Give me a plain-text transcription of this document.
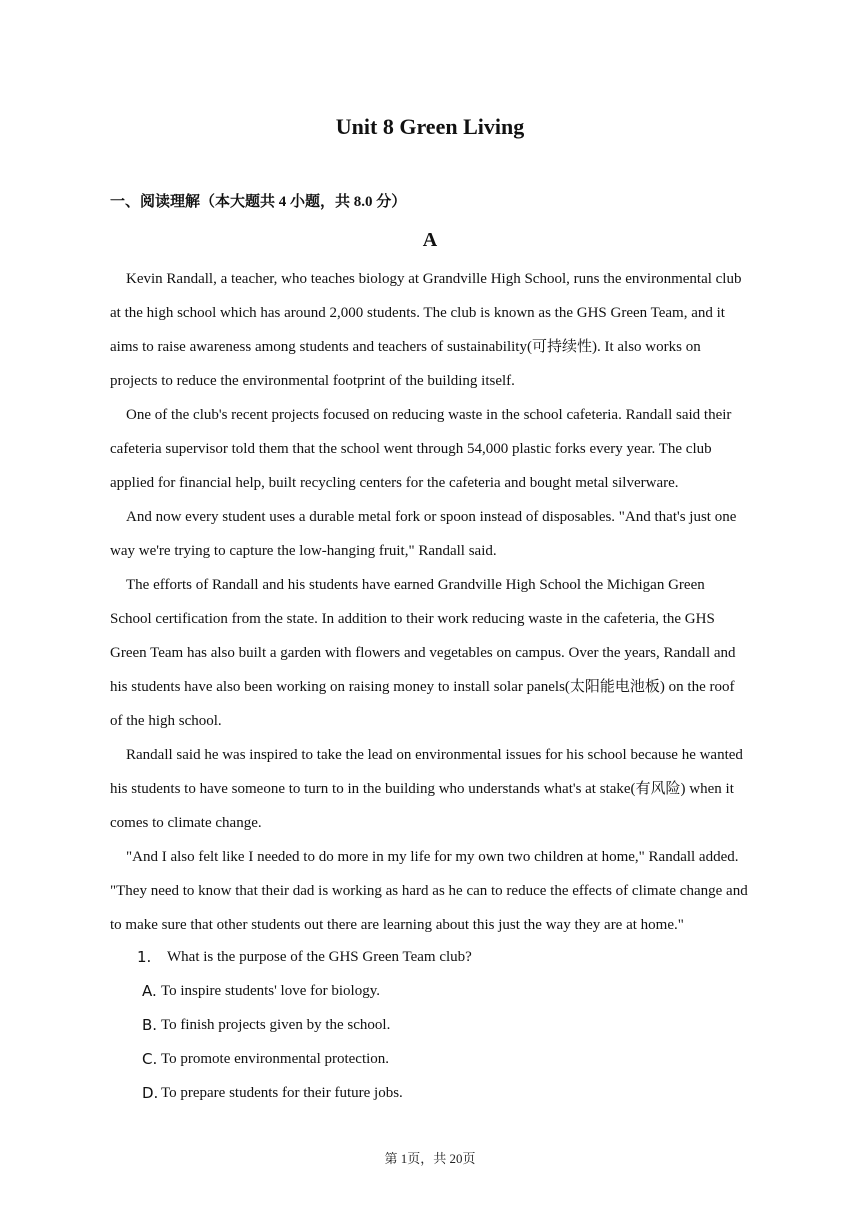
Unit 8 Green Living
一、阅读理解（本大题共 4 小题，共 8.0 分）
A

Kevin Randall, a teacher, who teaches biology at Grandville High School, runs the environmental club at the high school which has around 2,000 students. The club is known as the GHS Green Team, and it aims to raise awareness among students and teachers of sustainability(可持续性). It also works on projects to reduce the environmental footprint of the building itself.

One of the club's recent projects focused on reducing waste in the school cafeteria. Randall said their cafeteria supervisor told them that the school went through 54,000 plastic forks every year. The club applied for financial help, built recycling centers for the cafeteria and bought metal silverware.

And now every student uses a durable metal fork or spoon instead of disposables. "And that's just one way we're trying to capture the low-hanging fruit," Randall said.

The efforts of Randall and his students have earned Grandville High School the Michigan Green School certification from the state. In addition to their work reducing waste in the cafeteria, the GHS Green Team has also built a garden with flowers and vegetables on campus. Over the years, Randall and his students have also been working on raising money to install solar panels(太阳能电池板) on the roof of the high school.

Randall said he was inspired to take the lead on environmental issues for his school because he wanted his students to have someone to turn to in the building who understands what's at stake(有风险) when it comes to climate change.

"And I also felt like I needed to do more in my life for my own two children at home," Randall added. "They need to know that their dad is working as hard as he can to reduce the effects of climate change and to make sure that other students out there are learning about this just the way they are at home."

1.	What is the purpose of the GHS Green Team club?
A. To inspire students' love for biology.
B. To finish projects given by the school.
C. To promote environmental protection.
D. To prepare students for their future jobs.
第 1页，共 20页
